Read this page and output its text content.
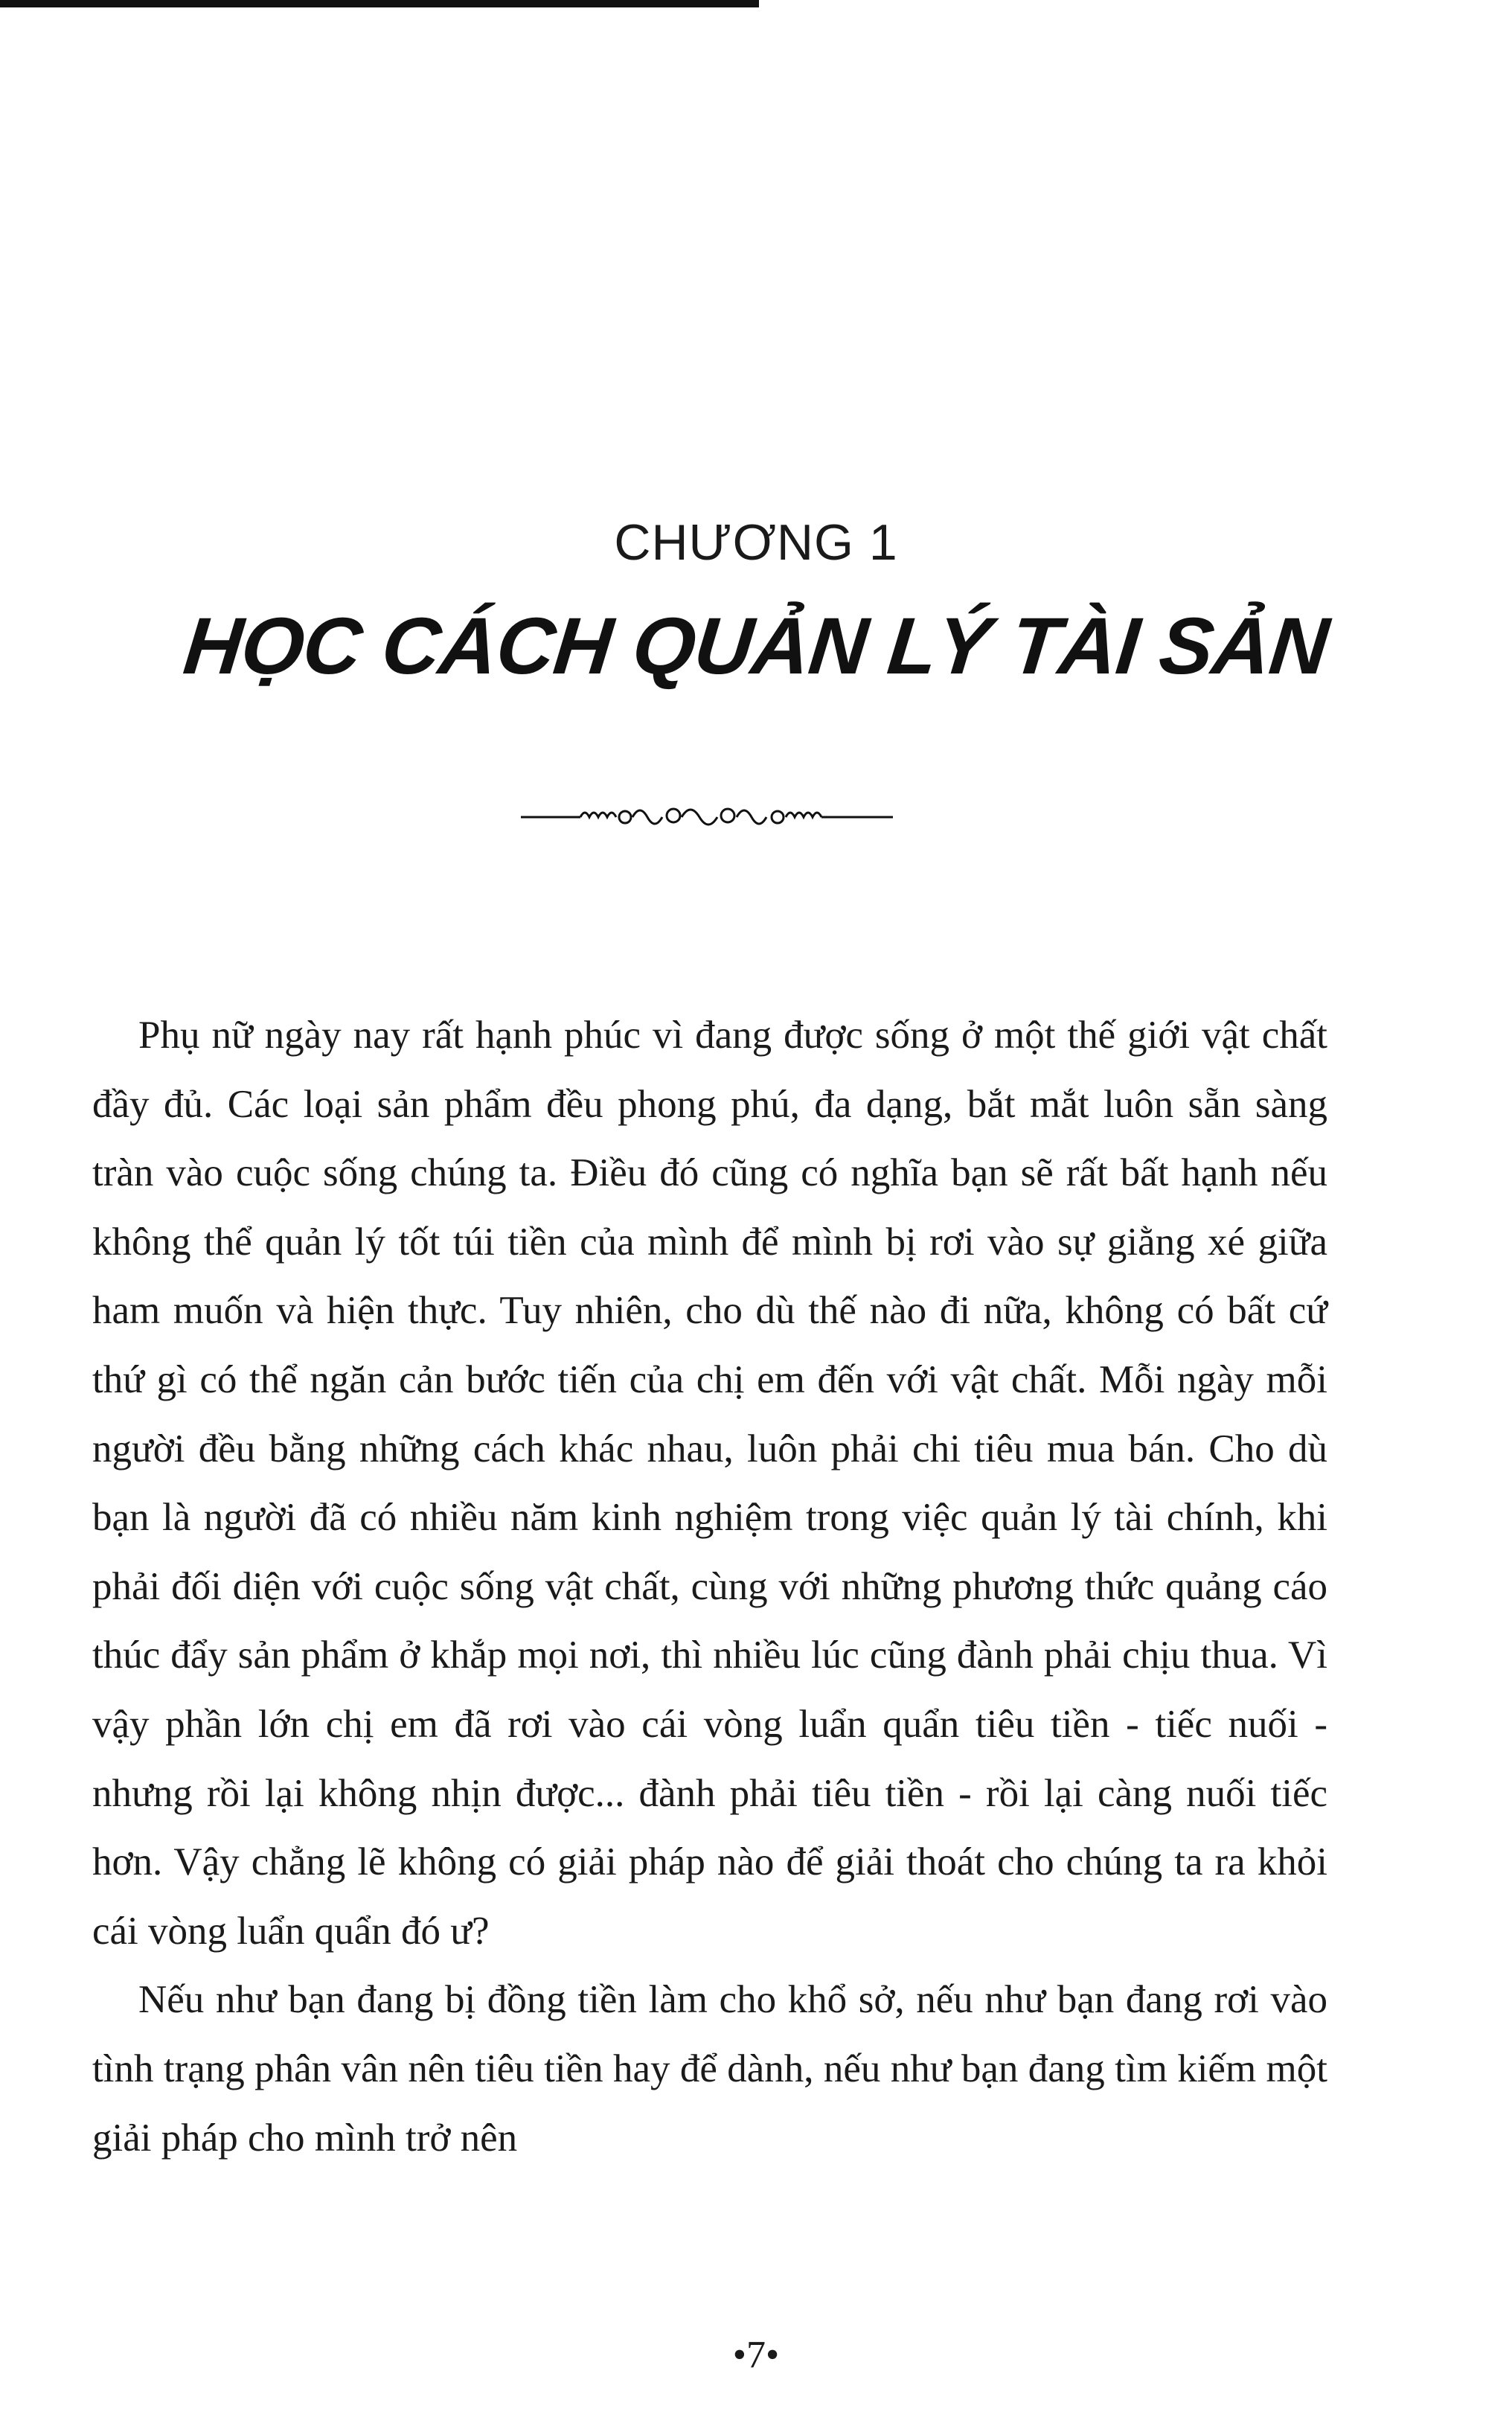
CHƯƠNG 1
HỌC CÁCH QUẢN LÝ TÀI SẢN

Phụ nữ ngày nay rất hạnh phúc vì đang được sống ở một thế giới vật chất đầy đủ. Các loại sản phẩm đều phong phú, đa dạng, bắt mắt luôn sẵn sàng tràn vào cuộc sống chúng ta. Điều đó cũng có nghĩa bạn sẽ rất bất hạnh nếu không thể quản lý tốt túi tiền của mình để mình bị rơi vào sự giằng xé giữa ham muốn và hiện thực. Tuy nhiên, cho dù thế nào đi nữa, không có bất cứ thứ gì có thể ngăn cản bước tiến của chị em đến với vật chất. Mỗi ngày mỗi người đều bằng những cách khác nhau, luôn phải chi tiêu mua bán. Cho dù bạn là người đã có nhiều năm kinh nghiệm trong việc quản lý tài chính, khi phải đối diện với cuộc sống vật chất, cùng với những phương thức quảng cáo thúc đẩy sản phẩm ở khắp mọi nơi, thì nhiều lúc cũng đành phải chịu thua. Vì vậy phần lớn chị em đã rơi vào cái vòng luẩn quẩn tiêu tiền - tiếc nuối - nhưng rồi lại không nhịn được... đành phải tiêu tiền - rồi lại càng nuối tiếc hơn. Vậy chẳng lẽ không có giải pháp nào để giải thoát cho chúng ta ra khỏi cái vòng luẩn quẩn đó ư?

Nếu như bạn đang bị đồng tiền làm cho khổ sở, nếu như bạn đang rơi vào tình trạng phân vân nên tiêu tiền hay để dành, nếu như bạn đang tìm kiếm một giải pháp cho mình trở nên

•7•
